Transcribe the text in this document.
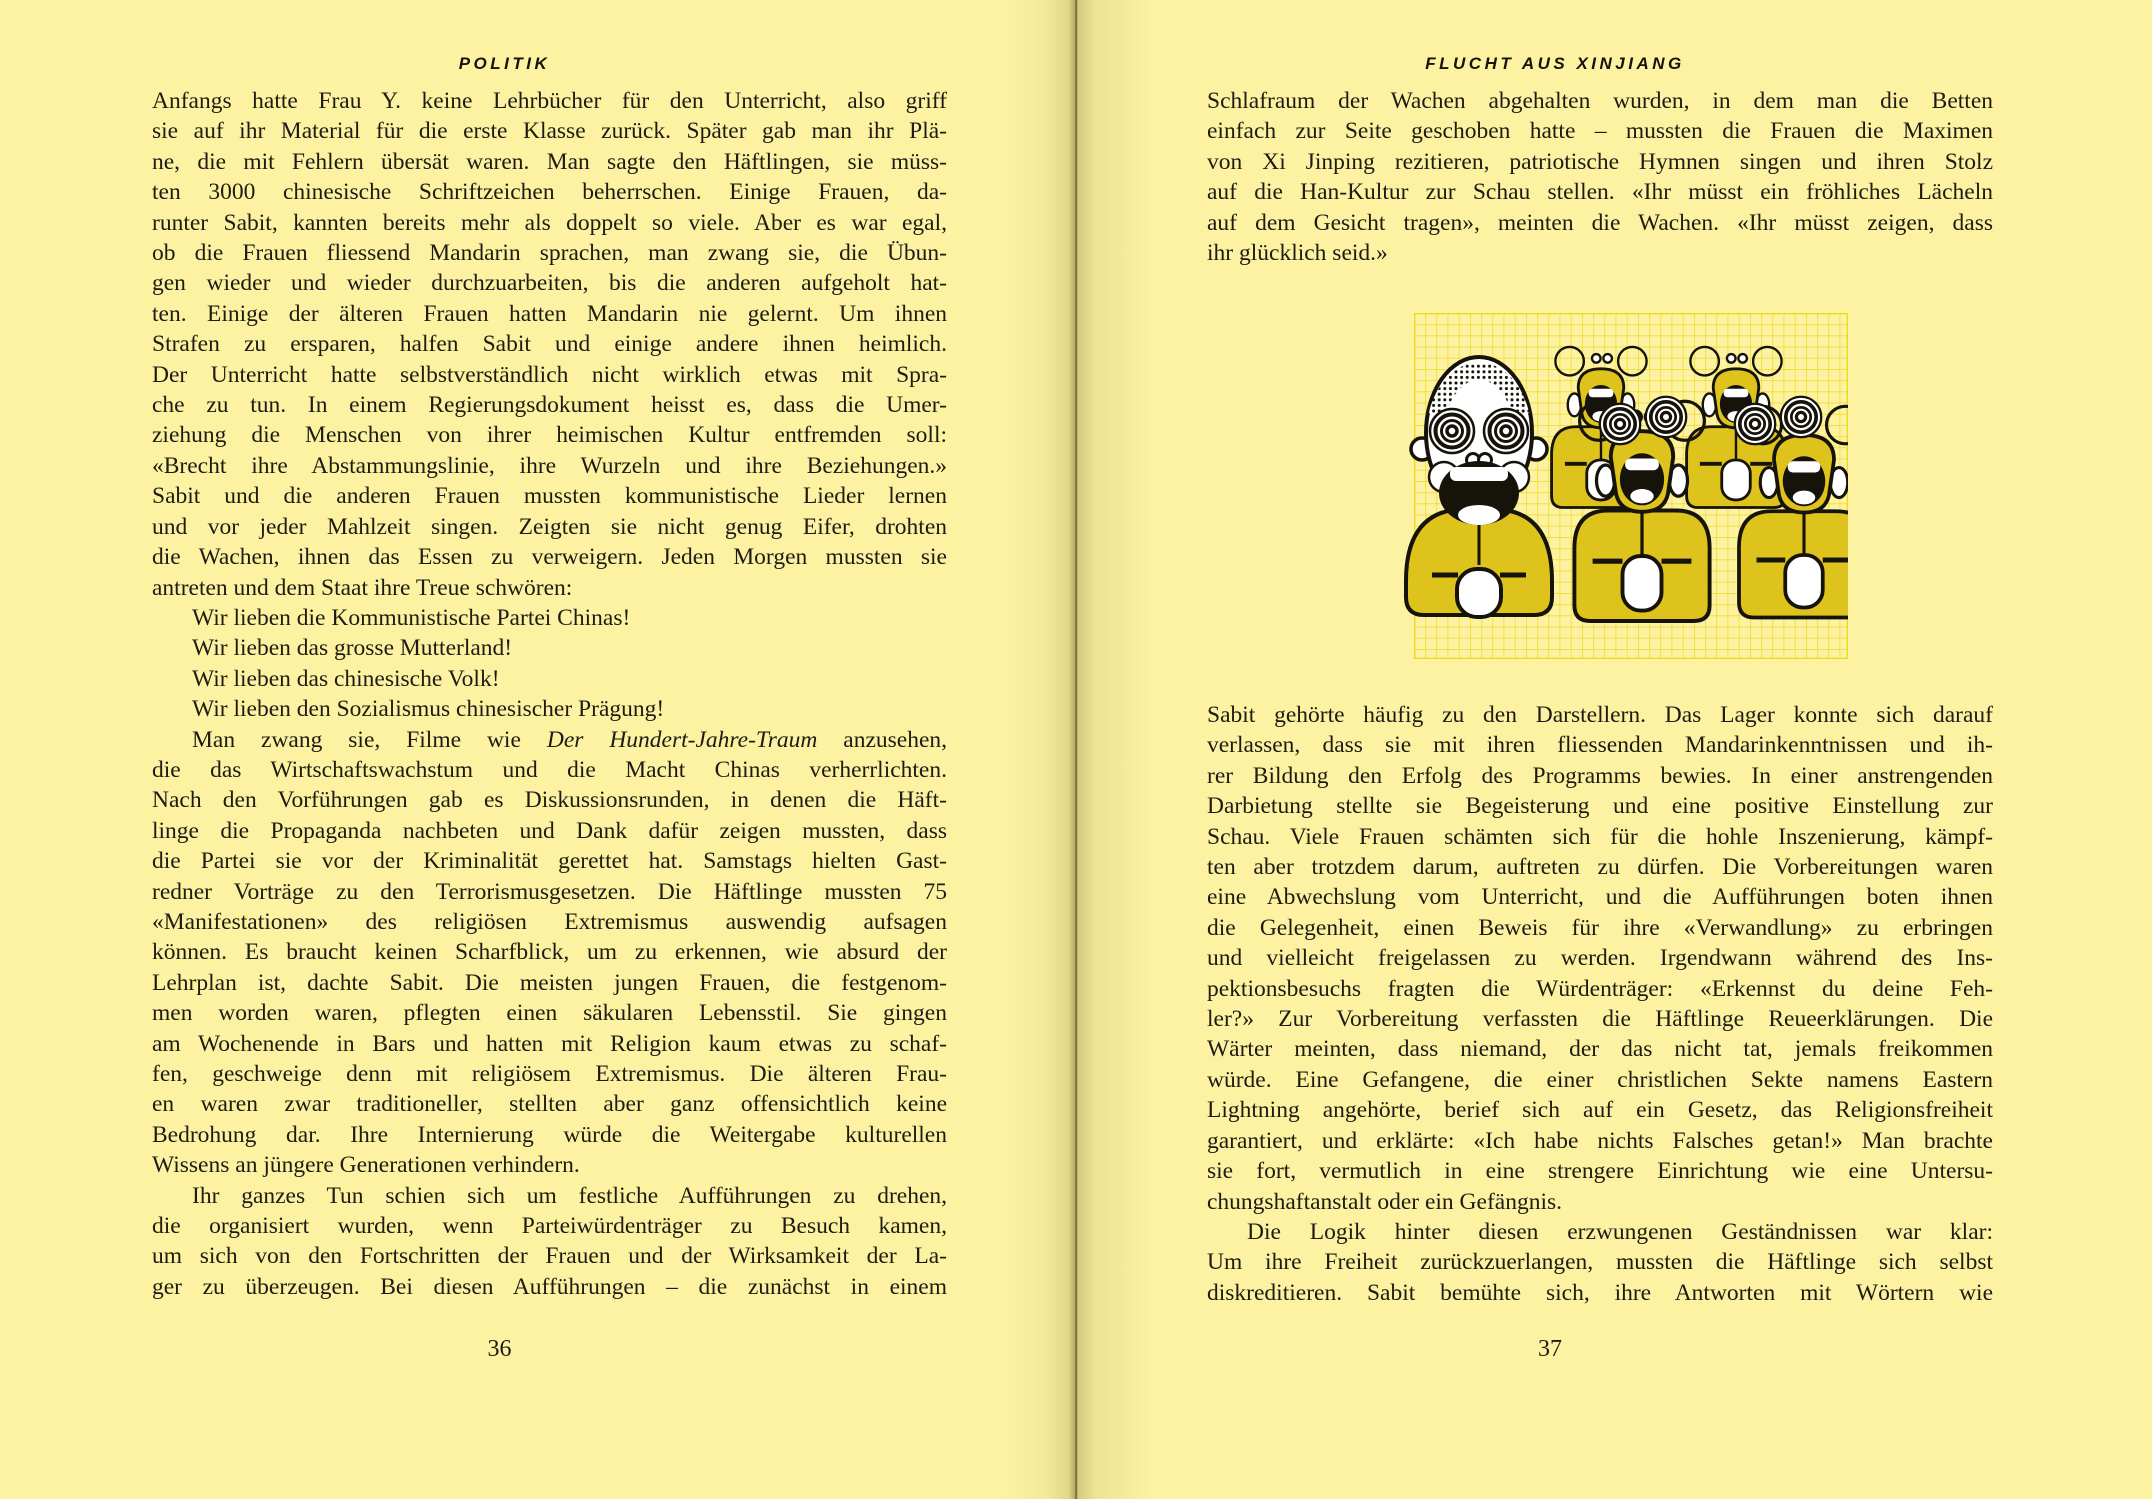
POLITIK
Anfangs hatte Frau Y. keine Lehrbücher für den Unterricht, also griff
sie auf ihr Material für die erste Klasse zurück. Später gab man ihr Plä-
ne, die mit Fehlern übersät waren. Man sagte den Häftlingen, sie müss-
ten 3000 chinesische Schriftzeichen beherrschen. Einige Frauen, da-
runter Sabit, kannten bereits mehr als doppelt so viele. Aber es war egal,
ob die Frauen fliessend Mandarin sprachen, man zwang sie, die Übun-
gen wieder und wieder durchzuarbeiten, bis die anderen aufgeholt hat-
ten. Einige der älteren Frauen hatten Mandarin nie gelernt. Um ihnen
Strafen zu ersparen, halfen Sabit und einige andere ihnen heimlich.
Der Unterricht hatte selbstverständlich nicht wirklich etwas mit Spra-
che zu tun. In einem Regierungsdokument heisst es, dass die Umer-
ziehung die Menschen von ihrer heimischen Kultur entfremden soll:
«Brecht ihre Abstammungslinie, ihre Wurzeln und ihre Beziehungen.»
Sabit und die anderen Frauen mussten kommunistische Lieder lernen
und vor jeder Mahlzeit singen. Zeigten sie nicht genug Eifer, drohten
die Wachen, ihnen das Essen zu verweigern. Jeden Morgen mussten sie
antreten und dem Staat ihre Treue schwören:
Wir lieben die Kommunistische Partei Chinas!
Wir lieben das grosse Mutterland!
Wir lieben das chinesische Volk!
Wir lieben den Sozialismus chinesischer Prägung!
Man zwang sie, Filme wie Der Hundert-Jahre-Traum anzusehen,
die das Wirtschaftswachstum und die Macht Chinas verherrlichten.
Nach den Vorführungen gab es Diskussionsrunden, in denen die Häft-
linge die Propaganda nachbeten und Dank dafür zeigen mussten, dass
die Partei sie vor der Kriminalität gerettet hat. Samstags hielten Gast-
redner Vorträge zu den Terrorismusgesetzen. Die Häftlinge mussten 75
«Manifestationen» des religiösen Extremismus auswendig aufsagen
können. Es braucht keinen Scharfblick, um zu erkennen, wie absurd der
Lehrplan ist, dachte Sabit. Die meisten jungen Frauen, die festgenom-
men worden waren, pflegten einen säkularen Lebensstil. Sie gingen
am Wochenende in Bars und hatten mit Religion kaum etwas zu schaf-
fen, geschweige denn mit religiösem Extremismus. Die älteren Frau-
en waren zwar traditioneller, stellten aber ganz offensichtlich keine
Bedrohung dar. Ihre Internierung würde die Weitergabe kulturellen
Wissens an jüngere Generationen verhindern.
Ihr ganzes Tun schien sich um festliche Aufführungen zu drehen,
die organisiert wurden, wenn Parteiwürdenträger zu Besuch kamen,
um sich von den Fortschritten der Frauen und der Wirksamkeit der La-
ger zu überzeugen. Bei diesen Aufführungen – die zunächst in einem
36
FLUCHT AUS XINJIANG
Schlafraum der Wachen abgehalten wurden, in dem man die Betten
einfach zur Seite geschoben hatte – mussten die Frauen die Maximen
von Xi Jinping rezitieren, patriotische Hymnen singen und ihren Stolz
auf die Han-Kultur zur Schau stellen. «Ihr müsst ein fröhliches Lächeln
auf dem Gesicht tragen», meinten die Wachen. «Ihr müsst zeigen, dass
ihr glücklich seid.»
Sabit gehörte häufig zu den Darstellern. Das Lager konnte sich darauf
verlassen, dass sie mit ihren fliessenden Mandarinkenntnissen und ih-
rer Bildung den Erfolg des Programms bewies. In einer anstrengenden
Darbietung stellte sie Begeisterung und eine positive Einstellung zur
Schau. Viele Frauen schämten sich für die hohle Inszenierung, kämpf-
ten aber trotzdem darum, auftreten zu dürfen. Die Vorbereitungen waren
eine Abwechslung vom Unterricht, und die Aufführungen boten ihnen
die Gelegenheit, einen Beweis für ihre «Verwandlung» zu erbringen
und vielleicht freigelassen zu werden. Irgendwann während des Ins-
pektionsbesuchs fragten die Würdenträger: «Erkennst du deine Feh-
ler?» Zur Vorbereitung verfassten die Häftlinge Reueerklärungen. Die
Wärter meinten, dass niemand, der das nicht tat, jemals freikommen
würde. Eine Gefangene, die einer christlichen Sekte namens Eastern
Lightning angehörte, berief sich auf ein Gesetz, das Religionsfreiheit
garantiert, und erklärte: «Ich habe nichts Falsches getan!» Man brachte
sie fort, vermutlich in eine strengere Einrichtung wie eine Untersu-
chungshaftanstalt oder ein Gefängnis.
Die Logik hinter diesen erzwungenen Geständnissen war klar:
Um ihre Freiheit zurückzuerlangen, mussten die Häftlinge sich selbst
diskreditieren. Sabit bemühte sich, ihre Antworten mit Wörtern wie
37
